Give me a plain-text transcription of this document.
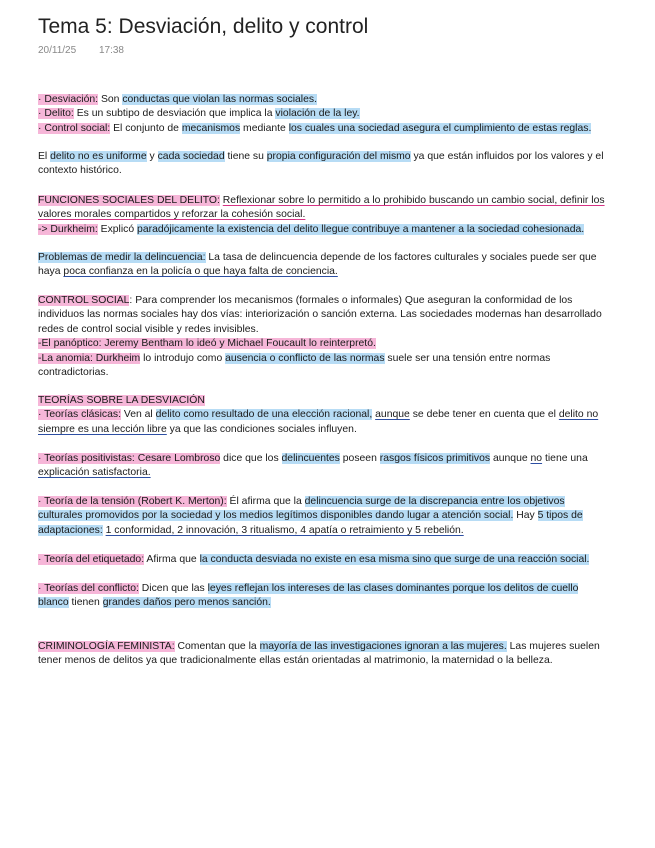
Tema 5: Desviación, delito y control
20/11/25 17:38
· Desviación: Son conductas que violan las normas sociales.
· Delito: Es un subtipo de desviación que implica la violación de la ley.
· Control social: El conjunto de mecanismos mediante los cuales una sociedad asegura el cumplimiento de estas reglas.
El delito no es uniforme y cada sociedad tiene su propia configuración del mismo ya que están influidos por los valores y el contexto histórico.
FUNCIONES SOCIALES DEL DELITO: Reflexionar sobre lo permitido a lo prohibido buscando un cambio social, definir los valores morales compartidos y reforzar la cohesión social.
-> Durkheim: Explicó paradójicamente la existencia del delito llegue contribuye a mantener a la sociedad cohesionada.
Problemas de medir la delincuencia: La tasa de delincuencia depende de los factores culturales y sociales puede ser que haya poca confianza en la policía o que haya falta de conciencia.
CONTROL SOCIAL: Para comprender los mecanismos (formales o informales) Que aseguran la conformidad de los individuos las normas sociales hay dos vías: interiorización o sanción externa. Las sociedades modernas han desarrollado redes de control social visible y redes invisibles.
-El panóptico: Jeremy Bentham lo ideó y Michael Foucault lo reinterpretó.
-La anomia: Durkheim lo introdujo como ausencia o conflicto de las normas suele ser una tensión entre normas contradictorias.
TEORÍAS SOBRE LA DESVIACIÓN
· Teorías clásicas: Ven al delito como resultado de una elección racional, aunque se debe tener en cuenta que el delito no siempre es una lección libre ya que las condiciones sociales influyen.
· Teorías positivistas: Cesare Lombroso dice que los delincuentes poseen rasgos físicos primitivos aunque no tiene una explicación satisfactoria.
· Teoría de la tensión (Robert K. Merton): Él afirma que la delincuencia surge de la discrepancia entre los objetivos culturales promovidos por la sociedad y los medios legítimos disponibles dando lugar a atención social. Hay 5 tipos de adaptaciones: 1 conformidad, 2 innovación, 3 ritualismo, 4 apatía o retraimiento y 5 rebelión.
· Teoría del etiquetado: Afirma que la conducta desviada no existe en esa misma sino que surge de una reacción social.
· Teorías del conflicto: Dicen que las leyes reflejan los intereses de las clases dominantes porque los delitos de cuello blanco tienen grandes daños pero menos sanción.
CRIMINOLOGÍA FEMINISTA: Comentan que la mayoría de las investigaciones ignoran a las mujeres. Las mujeres suelen tener menos de delitos ya que tradicionalmente ellas están orientadas al matrimonio, la maternidad o la belleza.
